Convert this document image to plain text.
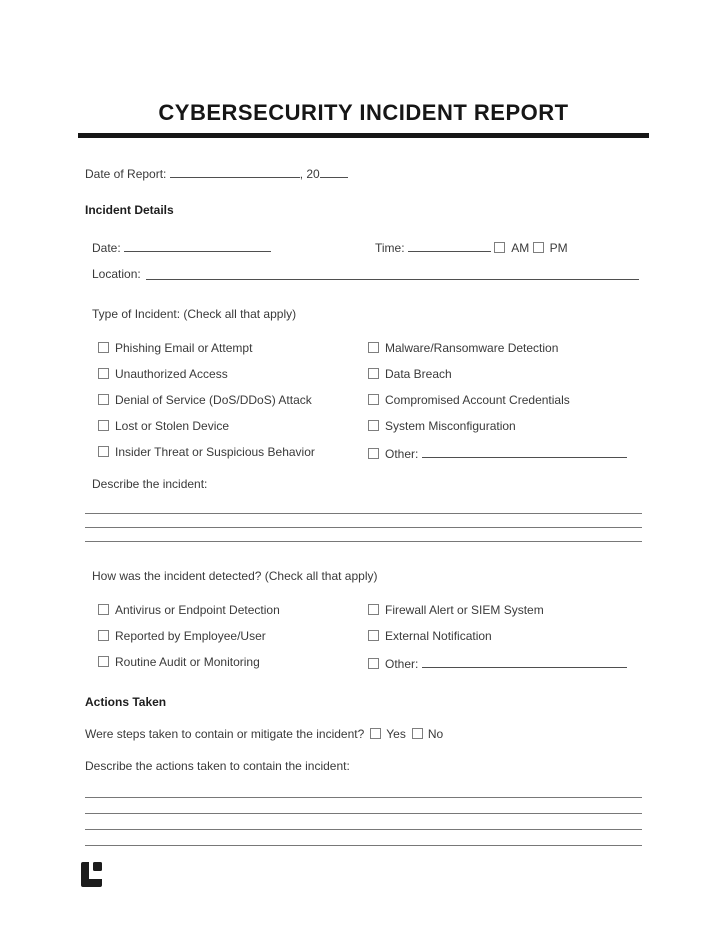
CYBERSECURITY INCIDENT REPORT
Date of Report:	, 20
Incident Details
Date:	Time:	AM PM
Location:
Type of Incident: (Check all that apply)
Phishing Email or Attempt	Malware/Ransomware Detection
Unauthorized Access	Data Breach
Denial of Service (DoS/DDoS) Attack	Compromised Account Credentials
Lost or Stolen Device	System Misconfiguration
Insider Threat or Suspicious Behavior	Other:
Describe the incident:
How was the incident detected? (Check all that apply)
Antivirus or Endpoint Detection	Firewall Alert or SIEM System
Reported by Employee/User	External Notification
Routine Audit or Monitoring	Other:
Actions Taken
Were steps taken to contain or mitigate the incident? Yes No
Describe the actions taken to contain the incident:
